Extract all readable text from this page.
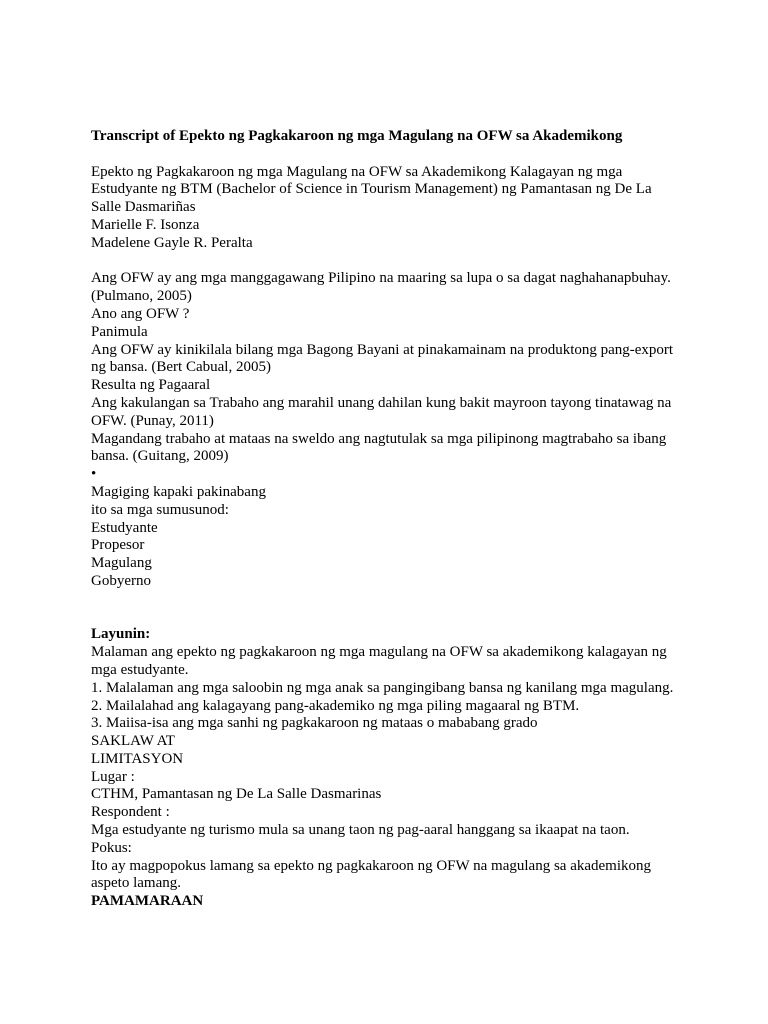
Transcript of Epekto ng Pagkakaroon ng mga Magulang na OFW sa Akademikong

Epekto ng Pagkakaroon ng mga Magulang na OFW sa Akademikong Kalagayan ng mga

Estudyante ng BTM (Bachelor of Science in Tourism Management) ng Pamantasan ng De La

Salle Dasmariñas

Marielle F. Isonza

Madelene Gayle R. Peralta

Ang OFW ay ang mga manggagawang Pilipino na maaring sa lupa o sa dagat naghahanapbuhay.

(Pulmano, 2005)

Ano ang OFW ?

Panimula

Ang OFW ay kinikilala bilang mga Bagong Bayani at pinakamainam na produktong pang-export

ng bansa. (Bert Cabual, 2005)

Resulta ng Pagaaral

Ang kakulangan sa Trabaho ang marahil unang dahilan kung bakit mayroon tayong tinatawag na

OFW. (Punay, 2011)

Magandang trabaho at mataas na sweldo ang nagtutulak sa mga pilipinong magtrabaho sa ibang

bansa. (Guitang, 2009)

•

Magiging kapaki pakinabang

ito sa mga sumusunod:

Estudyante

Propesor

Magulang

Gobyerno

Layunin:

Malaman ang epekto ng pagkakaroon ng mga magulang na OFW sa akademikong kalagayan ng

mga estudyante.

1. Malalaman ang mga saloobin ng mga anak sa pangingibang bansa ng kanilang mga magulang.

2. Mailalahad ang kalagayang pang-akademiko ng mga piling magaaral ng BTM.

3. Maiisa-isa ang mga sanhi ng pagkakaroon ng mataas o mababang grado

SAKLAW AT

LIMITASYON

Lugar :

CTHM, Pamantasan ng De La Salle Dasmarinas

Respondent :

Mga estudyante ng turismo mula sa unang taon ng pag-aaral hanggang sa ikaapat na taon.

Pokus:

Ito ay magpopokus lamang sa epekto ng pagkakaroon ng OFW na magulang sa akademikong

aspeto lamang.

PAMAMARAAN
